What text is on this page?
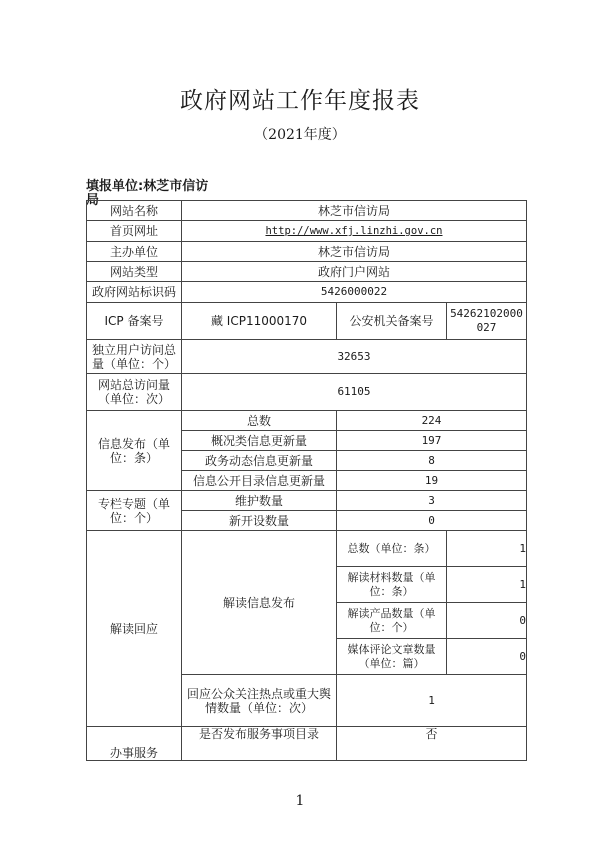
政府网站工作年度报表
（2021年度）
填报单位:林芝市信访局
网站名称	林芝市信访局		
首页网址	http://www.xfj.linzhi.gov.cn		
主办单位	林芝市信访局		
网站类型	政府门户网站		
政府网站标识码	5426000022		
ICP 备案号	藏 ICP11000170	公安机关备案号	54262102000027
独立用户访问总量（单位：个）	32653		
网站总访问量（单位：次）	61105		
信息发布（单位：条）	总数	224	
	概况类信息更新量	197	
	政务动态信息更新量	8	
	信息公开目录信息更新量	19	
专栏专题（单位：个）	维护数量	3	
	新开设数量	0	
解读回应	解读信息发布	总数（单位：条）	1
		解读材料数量（单位：条）	1
		解读产品数量（单位：个）	0
		媒体评论文章数量（单位：篇）	0
	回应公众关注热点或重大舆情数量（单位：次）	1	
办事服务	是否发布服务事项目录	否	
1
